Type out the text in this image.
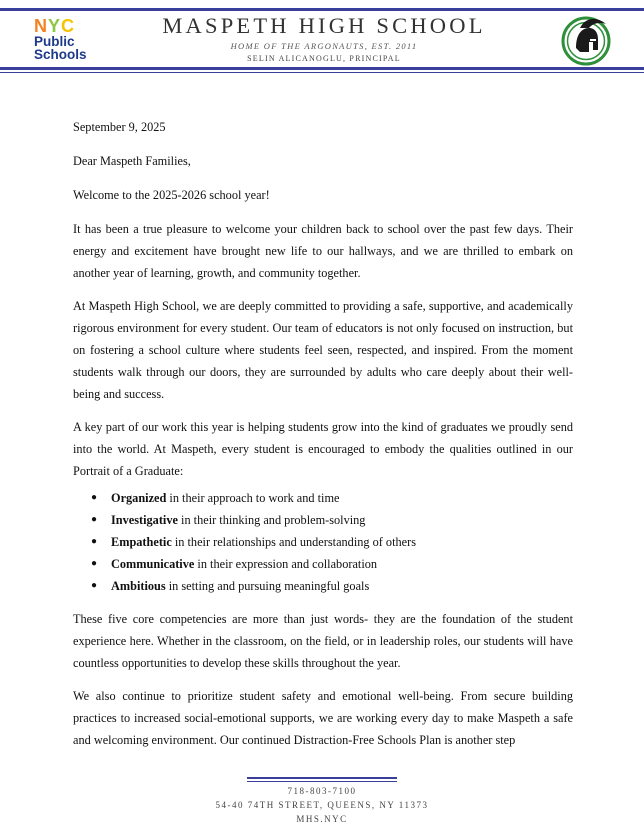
N Y C
Public
Schools
MASPETH HIGH SCHOOL
HOME OF THE ARGONAUTS, EST. 2011
SELIN ALICANOGLU, PRINCIPAL

September 9, 2025

Dear Maspeth Families,

Welcome to the 2025-2026 school year!

It has been a true pleasure to welcome your children back to school over the past few days. Their energy and excitement have brought new life to our hallways, and we are thrilled to embark on another year of learning, growth, and community together.

At Maspeth High School, we are deeply committed to providing a safe, supportive, and academically rigorous environment for every student. Our team of educators is not only focused on instruction, but on fostering a school culture where students feel seen, respected, and inspired. From the moment students walk through our doors, they are surrounded by adults who care deeply about their well-being and success.

A key part of our work this year is helping students grow into the kind of graduates we proudly send into the world. At Maspeth, every student is encouraged to embody the qualities outlined in our Portrait of a Graduate:

● Organized in their approach to work and time
● Investigative in their thinking and problem-solving
● Empathetic in their relationships and understanding of others
● Communicative in their expression and collaboration
● Ambitious in setting and pursuing meaningful goals

These five core competencies are more than just words- they are the foundation of the student experience here. Whether in the classroom, on the field, or in leadership roles, our students will have countless opportunities to develop these skills throughout the year.

We also continue to prioritize student safety and emotional well-being. From secure building practices to increased social-emotional supports, we are working every day to make Maspeth a safe and welcoming environment. Our continued Distraction-Free Schools Plan is another step

718-803-7100
54-40 74TH STREET, QUEENS, NY 11373
MHS.NYC
